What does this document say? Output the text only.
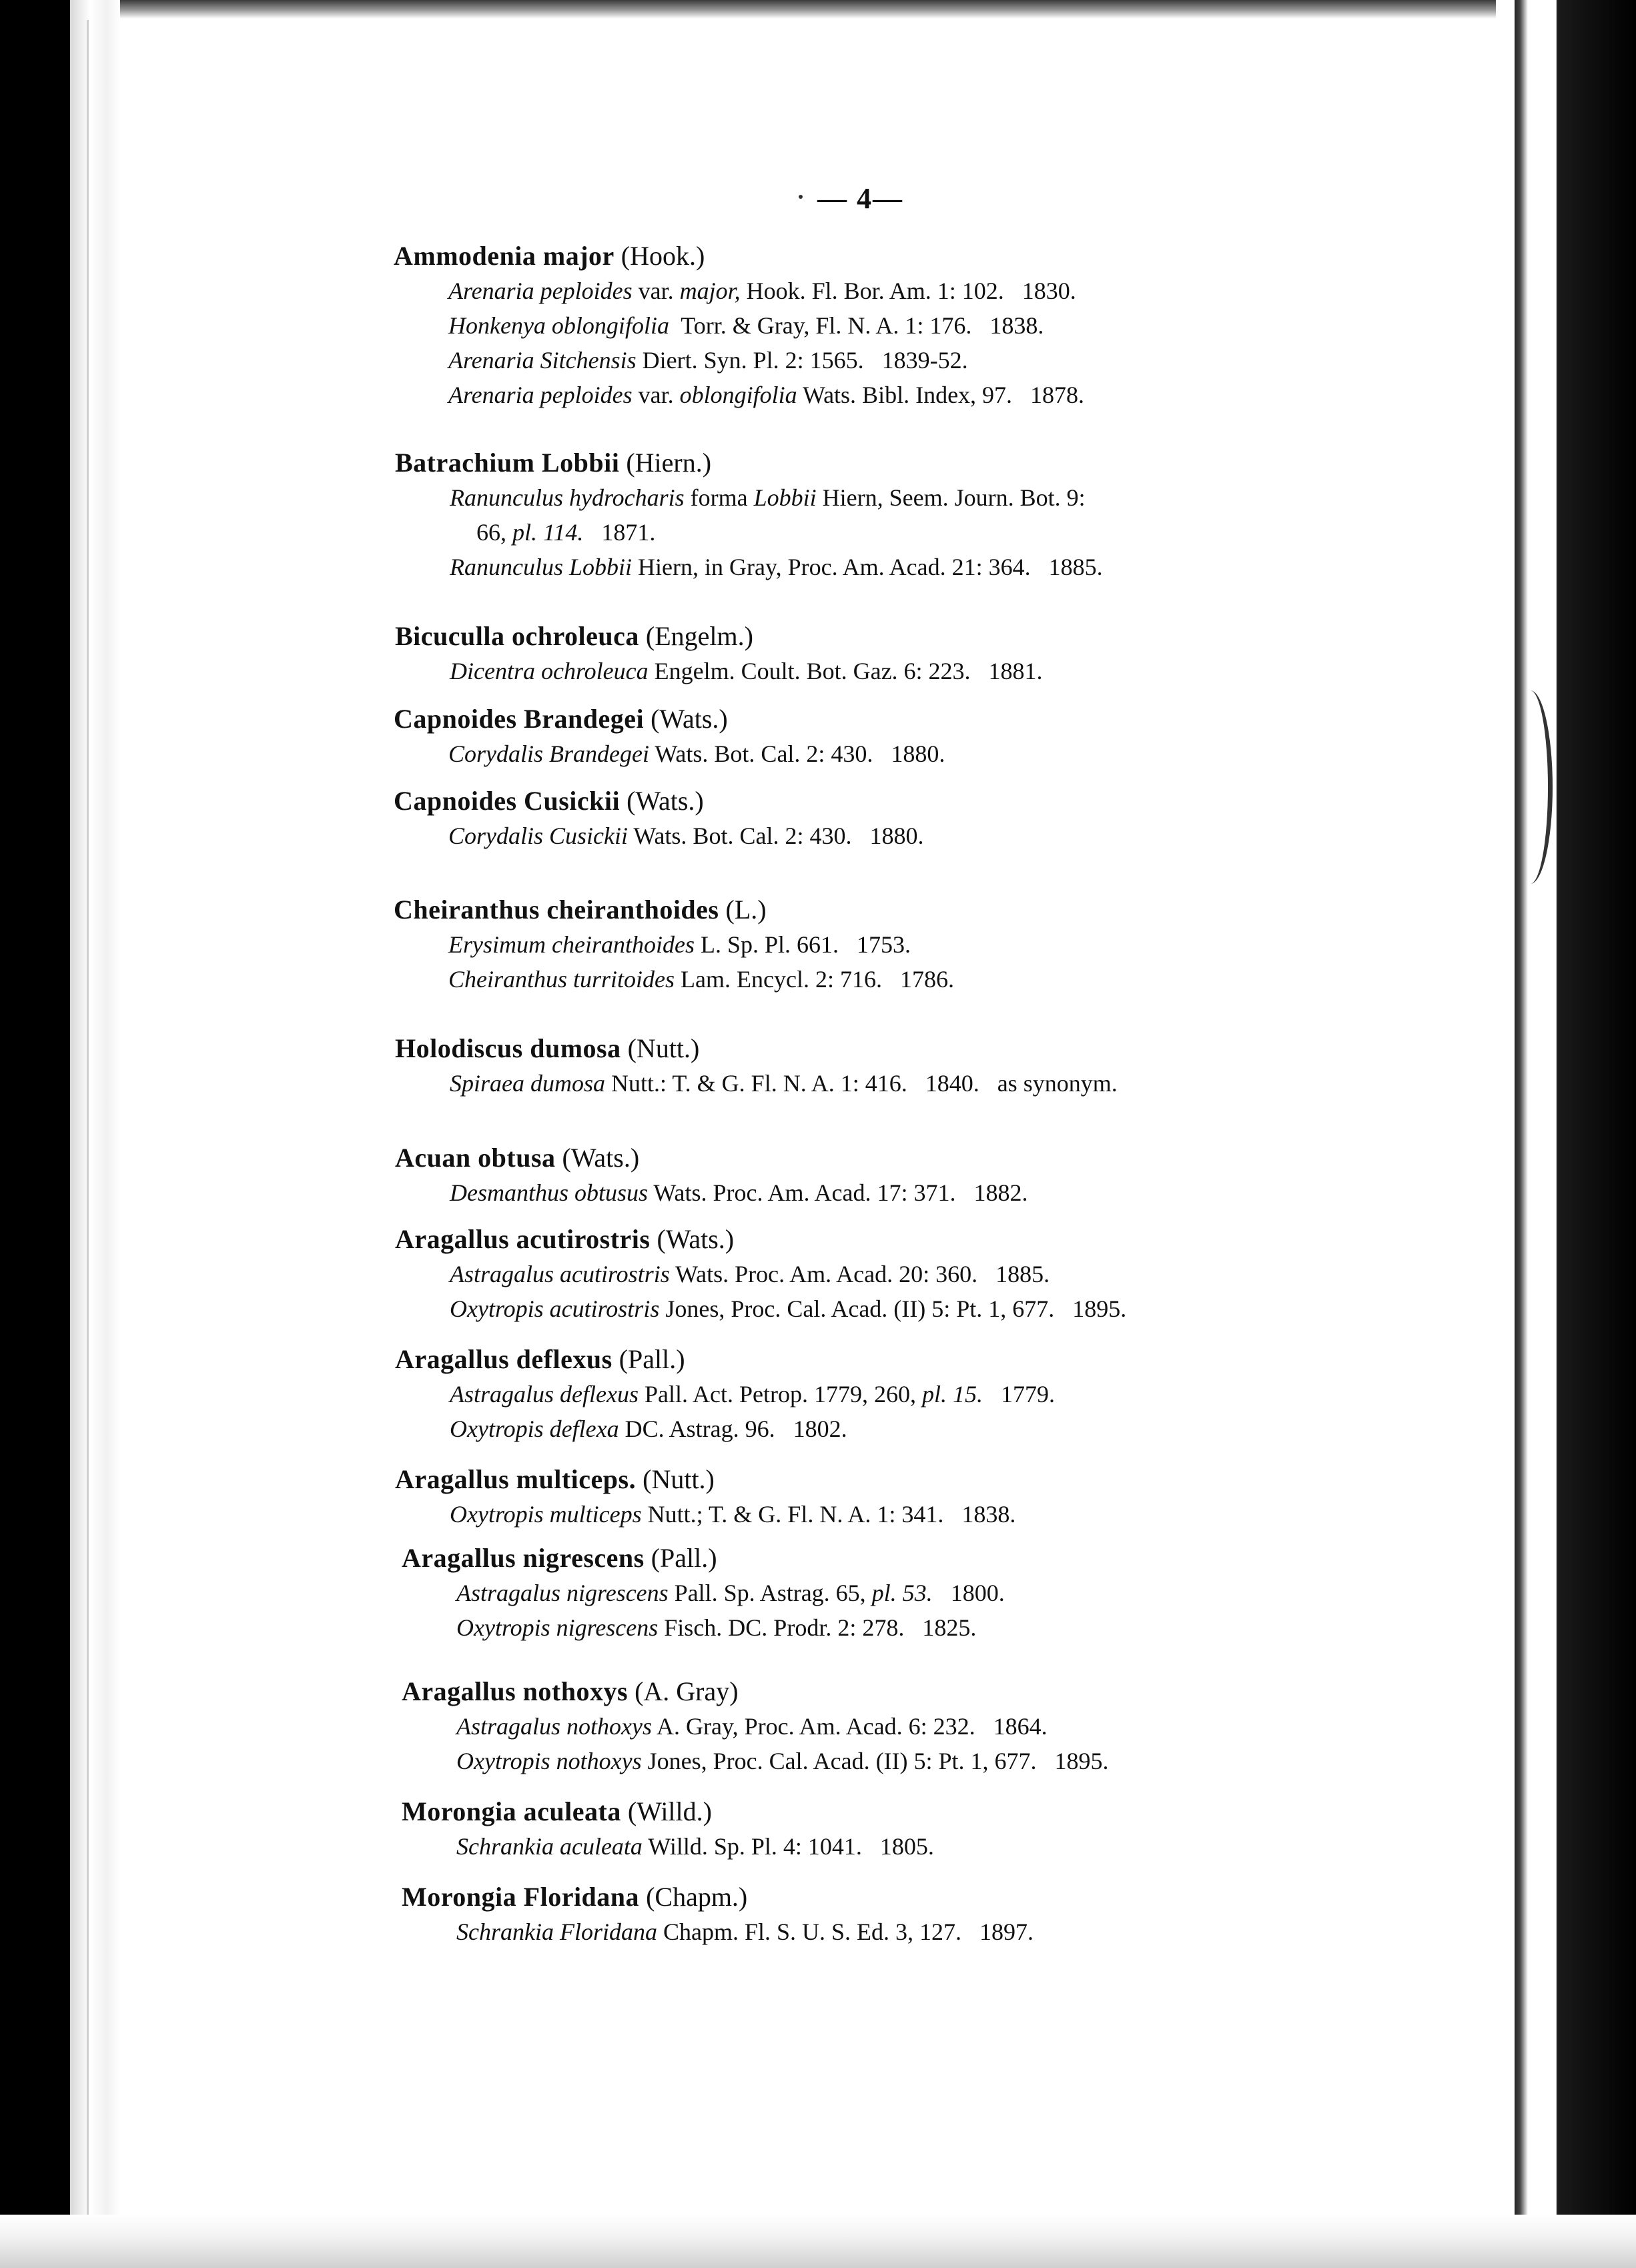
— 4—
Ammodenia major (Hook.)
Arenaria peploides var. major, Hook. Fl. Bor. Am. 1: 102.   1830.
Honkenya oblongifolia  Torr. & Gray, Fl. N. A. 1: 176.   1838.
Arenaria Sitchensis Diert. Syn. Pl. 2: 1565.   1839-52.
Arenaria peploides var. oblongifolia Wats. Bibl. Index, 97.   1878.
Batrachium Lobbii (Hiern.)
Ranunculus hydrocharis forma Lobbii Hiern, Seem. Journ. Bot. 9:
66, pl. 114.   1871.
Ranunculus Lobbii Hiern, in Gray, Proc. Am. Acad. 21: 364.   1885.
Bicuculla ochroleuca (Engelm.)
Dicentra ochroleuca Engelm. Coult. Bot. Gaz. 6: 223.   1881.
Capnoides Brandegei (Wats.)
Corydalis Brandegei Wats. Bot. Cal. 2: 430.   1880.
Capnoides Cusickii (Wats.)
Corydalis Cusickii Wats. Bot. Cal. 2: 430.   1880.
Cheiranthus cheiranthoides (L.)
Erysimum cheiranthoides L. Sp. Pl. 661.   1753.
Cheiranthus turritoides Lam. Encycl. 2: 716.   1786.
Holodiscus dumosa (Nutt.)
Spiraea dumosa Nutt.: T. & G. Fl. N. A. 1: 416.   1840.   as synonym.
Acuan obtusa (Wats.)
Desmanthus obtusus Wats. Proc. Am. Acad. 17: 371.   1882.
Aragallus acutirostris (Wats.)
Astragalus acutirostris Wats. Proc. Am. Acad. 20: 360.   1885.
Oxytropis acutirostris Jones, Proc. Cal. Acad. (II) 5: Pt. 1, 677.   1895.
Aragallus deflexus (Pall.)
Astragalus deflexus Pall. Act. Petrop. 1779, 260, pl. 15.   1779.
Oxytropis deflexa DC. Astrag. 96.   1802.
Aragallus multiceps. (Nutt.)
Oxytropis multiceps Nutt.; T. & G. Fl. N. A. 1: 341.   1838.
Aragallus nigrescens (Pall.)
Astragalus nigrescens Pall. Sp. Astrag. 65, pl. 53.   1800.
Oxytropis nigrescens Fisch. DC. Prodr. 2: 278.   1825.
Aragallus nothoxys (A. Gray)
Astragalus nothoxys A. Gray, Proc. Am. Acad. 6: 232.   1864.
Oxytropis nothoxys Jones, Proc. Cal. Acad. (II) 5: Pt. 1, 677.   1895.
Morongia aculeata (Willd.)
Schrankia aculeata Willd. Sp. Pl. 4: 1041.   1805.
Morongia Floridana (Chapm.)
Schrankia Floridana Chapm. Fl. S. U. S. Ed. 3, 127.   1897.
